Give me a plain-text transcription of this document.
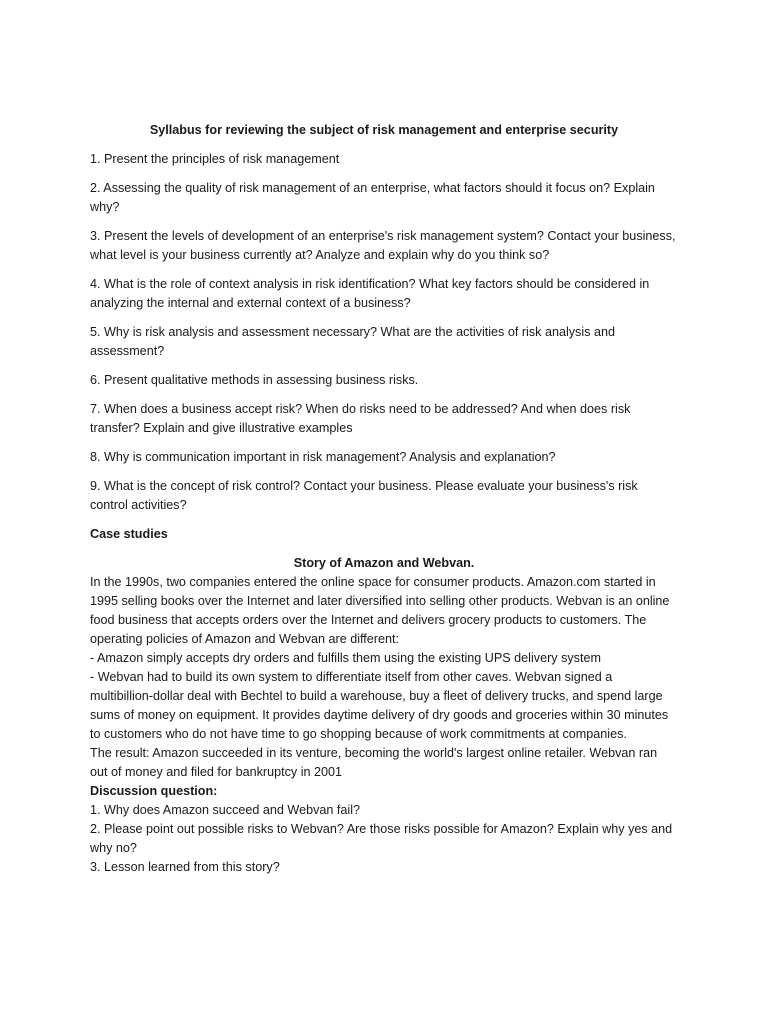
Syllabus for reviewing the subject of risk management and enterprise security

1. Present the principles of risk management

2. Assessing the quality of risk management of an enterprise, what factors should it focus on? Explain why?

3. Present the levels of development of an enterprise's risk management system? Contact your business, what level is your business currently at? Analyze and explain why do you think so?

4. What is the role of context analysis in risk identification? What key factors should be considered in analyzing the internal and external context of a business?

5. Why is risk analysis and assessment necessary? What are the activities of risk analysis and assessment?

6. Present qualitative methods in assessing business risks.

7. When does a business accept risk? When do risks need to be addressed? And when does risk transfer? Explain and give illustrative examples

8. Why is communication important in risk management? Analysis and explanation?

9. What is the concept of risk control? Contact your business. Please evaluate your business's risk control activities?

Case studies

Story of Amazon and Webvan.

In the 1990s, two companies entered the online space for consumer products. Amazon.com started in 1995 selling books over the Internet and later diversified into selling other products. Webvan is an online food business that accepts orders over the Internet and delivers grocery products to customers. The operating policies of Amazon and Webvan are different:

- Amazon simply accepts dry orders and fulfills them using the existing UPS delivery system

- Webvan had to build its own system to differentiate itself from other caves. Webvan signed a multibillion-dollar deal with Bechtel to build a warehouse, buy a fleet of delivery trucks, and spend large sums of money on equipment. It provides daytime delivery of dry goods and groceries within 30 minutes to customers who do not have time to go shopping because of work commitments at companies.

The result: Amazon succeeded in its venture, becoming the world's largest online retailer. Webvan ran out of money and filed for bankruptcy in 2001

Discussion question:

1. Why does Amazon succeed and Webvan fail?

2. Please point out possible risks to Webvan? Are those risks possible for Amazon? Explain why yes and why no?

3. Lesson learned from this story?
